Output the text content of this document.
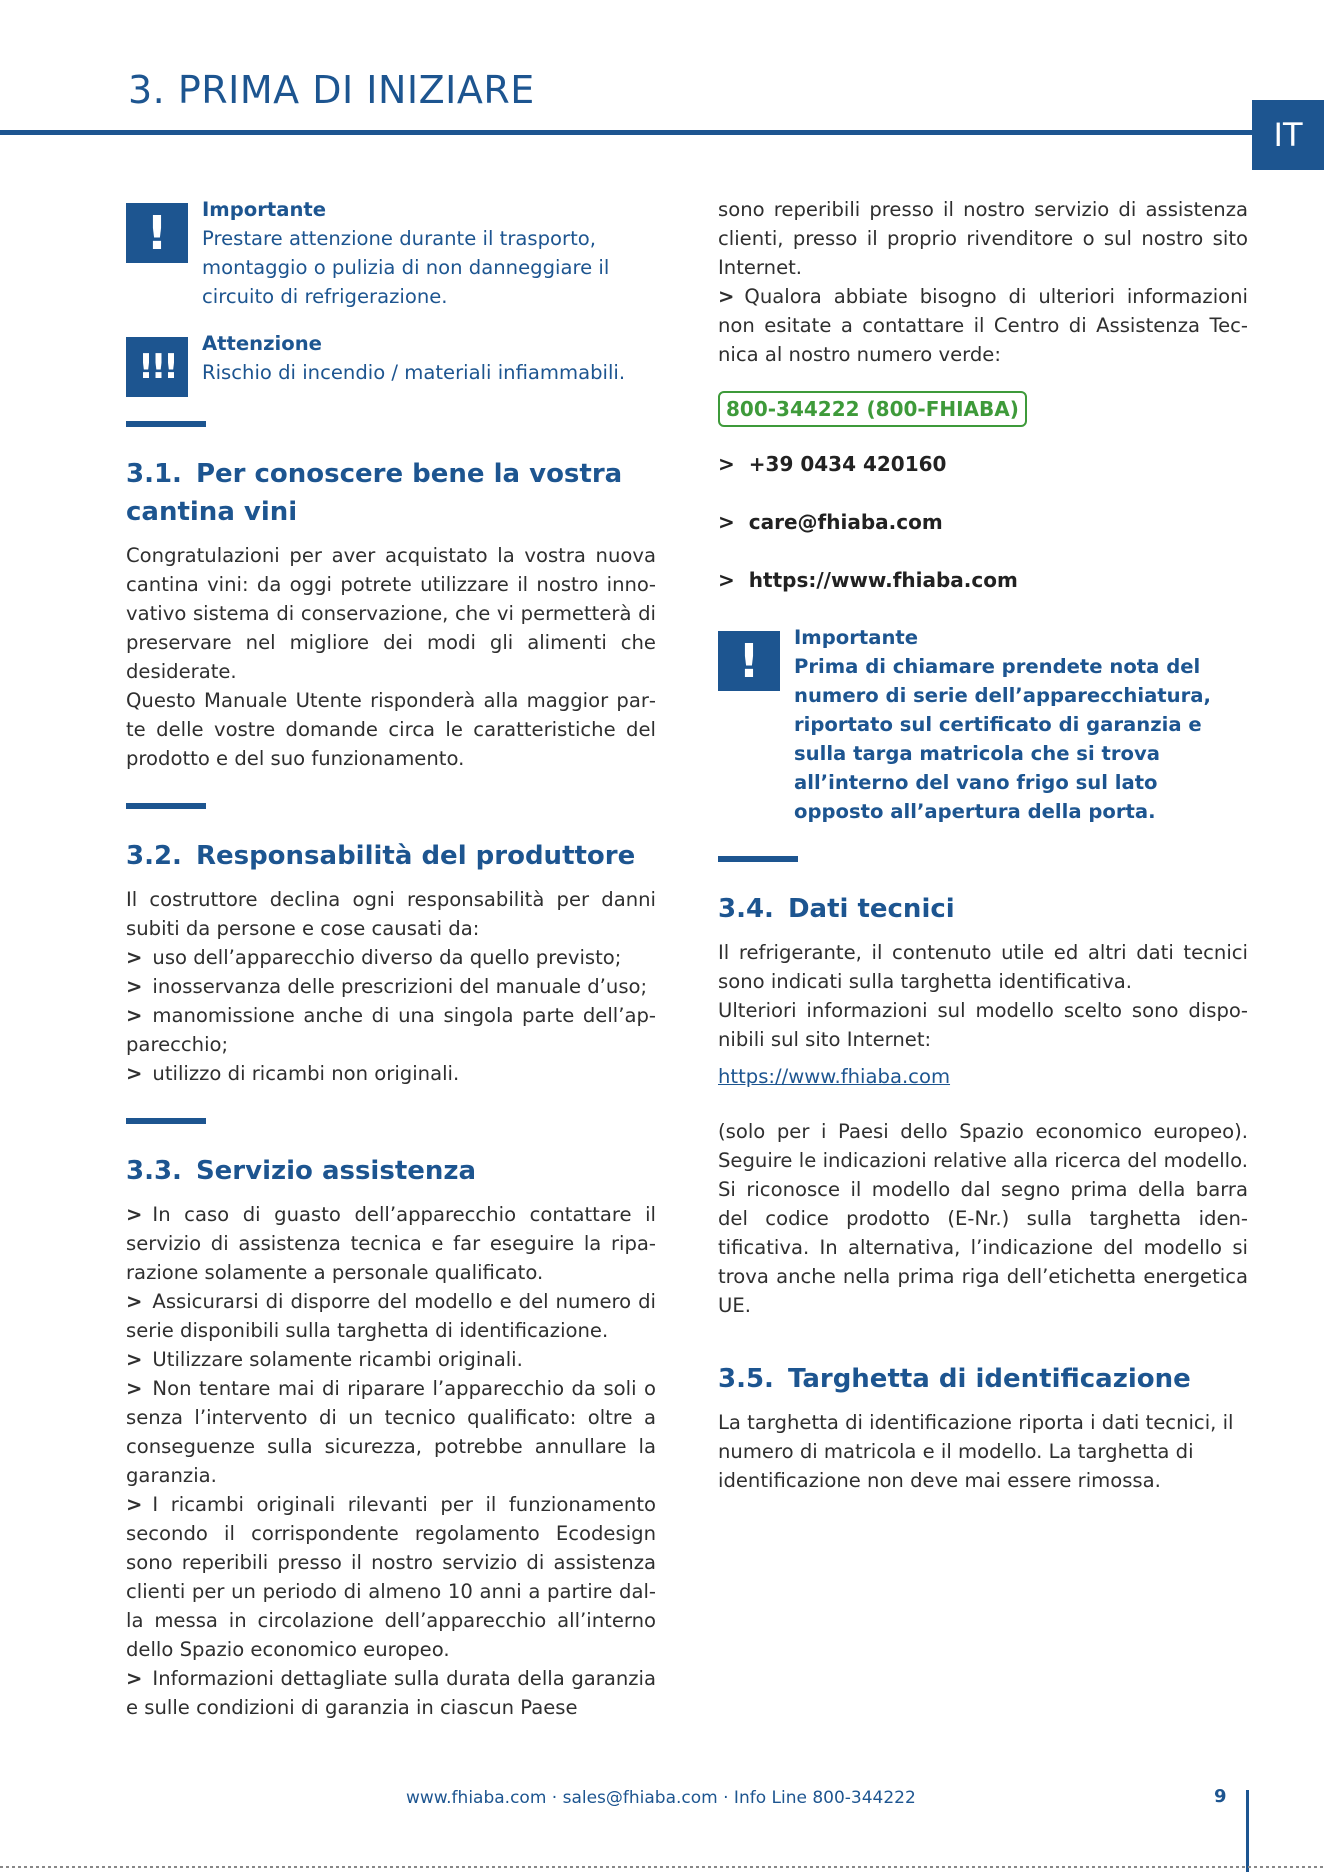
3. PRIMA DI INIZIARE
IT
!	Importante
Prestare attenzione durante il trasporto, montaggio o pulizia di non danneggiare il circuito di refrigerazione.
!!!
Attenzione
Rischio di incendio / materiali infiammabili.
3.1. Per conoscere bene la vostra cantina vini

Congratulazioni per aver acquistato la vostra nuova cantina vini: da oggi potrete utilizzare il nostro innovativo sistema di conservazione, che vi permetterà di preservare nel migliore dei modi gli alimenti che desiderate.

Questo Manuale Utente risponderà alla maggior parte delle vostre domande circa le caratteristiche del prodotto e del suo funzionamento.

3.2. Responsabilità del produttore

Il costruttore declina ogni responsabilità per danni subiti da persone e cose causati da:

> uso dell’apparecchio diverso da quello previsto;
> inosservanza delle prescrizioni del manuale d’uso;
> manomissione anche di una singola parte dell’apparecchio;
> utilizzo di ricambi non originali.
3.3. Servizio assistenza
> In caso di guasto dell’apparecchio contattare il servizio di assistenza tecnica e far eseguire la riparazione solamente a personale qualificato.
> Assicurarsi di disporre del modello e del numero di serie disponibili sulla targhetta di identificazione.
> Utilizzare solamente ricambi originali.
> Non tentare mai di riparare l’apparecchio da soli o senza l’intervento di un tecnico qualificato: oltre a conseguenze sulla sicurezza, potrebbe annullare la garanzia.
> I ricambi originali rilevanti per il funzionamento secondo il corrispondente regolamento Ecodesign sono reperibili presso il nostro servizio di assistenza clienti per un periodo di almeno 10 anni a partire dalla messa in circolazione dell’apparecchio all’interno dello Spazio economico europeo.
> Informazioni dettagliate sulla durata della garanzia e sulle condizioni di garanzia in ciascun Paese

sono reperibili presso il nostro servizio di assistenza clienti, presso il proprio rivenditore o sul nostro sito Internet.

> Qualora abbiate bisogno di ulteriori informazioni non esitate a contattare il Centro di Assistenza Tecnica al nostro numero verde:
800-344222 (800-FHIABA)
> +39 0434 420160
> care@fhiaba.com
> https://www.fhiaba.com
!	Importante
Prima di chiamare prendete nota del numero di serie dell’apparecchiatura, riportato sul certificato di garanzia e sulla targa matricola che si trova all’interno del vano frigo sul lato opposto all’apertura della porta.
3.4. Dati tecnici

Il refrigerante, il contenuto utile ed altri dati tecnici sono indicati sulla targhetta identificativa.

Ulteriori informazioni sul modello scelto sono disponibili sul sito Internet:

https://www.fhiaba.com

(solo per i Paesi dello Spazio economico europeo). Seguire le indicazioni relative alla ricerca del modello. Si riconosce il modello dal segno prima della barra del codice prodotto (E-Nr.) sulla targhetta identificativa. In alternativa, l’indicazione del modello si trova anche nella prima riga dell’etichetta energetica UE.

3.5. Targhetta di identificazione

La targhetta di identificazione riporta i dati tecnici, il numero di matricola e il modello. La targhetta di identificazione non deve mai essere rimossa.

www.fhiaba.com · sales@fhiaba.com · Info Line 800-344222	9
